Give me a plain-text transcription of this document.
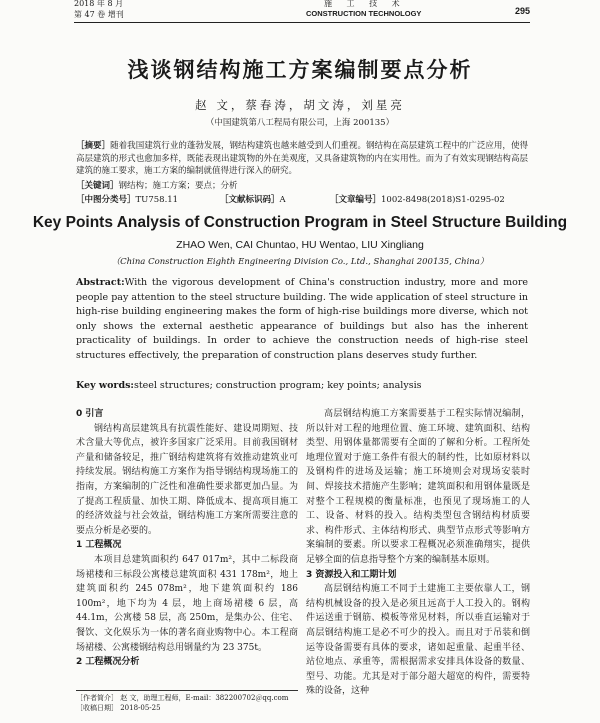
2018 年 8 月
第 47 卷 增刊
施 工 技 术
CONSTRUCTION TECHNOLOGY	295
浅谈钢结构施工方案编制要点分析
赵 文，蔡春涛，胡文涛，刘星亮
（中国建筑第八工程局有限公司，上海 200135）
［摘要］随着我国建筑行业的蓬勃发展，钢结构建筑也越来越受到人们重视。钢结构在高层建筑工程中的广泛应用，使得高层建筑的形式也愈加多样，既能表现出建筑物的外在美观度，又具备建筑物的内在实用性。而为了有效实现钢结构高层建筑的施工要求，施工方案的编制就值得进行深入的研究。
［关键词］钢结构；施工方案；要点；分析
［中图分类号］TU758.11	［文献标识码］A	［文章编号］1002-8498(2018)S1-0295-02
Key Points Analysis of Construction Program in Steel Structure Building
ZHAO Wen, CAI Chuntao, HU Wentao, LIU Xingliang
（China Construction Eighth Engineering Division Co., Ltd., Shanghai 200135, China）
Abstract:With the vigorous development of China's construction industry, more and more people pay attention to the steel structure building. The wide application of steel structure in high-rise building engineering makes the form of high-rise buildings more diverse, which not only shows the external aesthetic appearance of buildings but also has the inherent practicality of buildings. In order to achieve the construction needs of high-rise steel structures effectively, the preparation of construction plans deserves study further.
Key words:steel structures; construction program; key points; analysis

0 引言

钢结构高层建筑具有抗震性能好、建设周期短、技术含量大等优点，被许多国家广泛采用。目前我国钢材产量和储备较足，推广钢结构建筑将有效推动建筑业可持续发展。钢结构施工方案作为指导钢结构现场施工的指南，方案编制的广泛性和准确性要求都更加凸显。为了提高工程质量、加快工期、降低成本、提高项目施工的经济效益与社会效益，钢结构施工方案所需要注意的要点分析是必要的。

1 工程概况

本项目总建筑面积约 647 017m²，其中二标段商场裙楼和三标段公寓楼总建筑面积 431 178m²，地上建筑面积约 245 078m²，地下建筑面积约 186 100m²，地下均为 4 层，地上商场裙楼 6 层，高 44.1m，公寓楼 58 层，高 250m，是集办公、住宅、餐饮、文化娱乐为一体的著名商业购物中心。本工程商场裙楼、公寓楼钢结构总用钢量约为 23 375t。

2 工程概况分析

高层钢结构施工方案需要基于工程实际情况编制，所以针对工程的地理位置、施工环境、建筑面积、结构类型、用钢体量都需要有全面的了解和分析。工程所处地理位置对于施工条件有很大的制约性，比如原材料以及钢构件的进场及运输；施工环境则会对现场安装时间、焊接技术措施产生影响；建筑面积和用钢体量既是对整个工程规模的衡量标准，也预见了现场施工的人工、设备、材料的投入。结构类型包含钢结构材质要求、构件形式、主体结构形式、典型节点形式等影响方案编制的要素。所以要求工程概况必须准确翔实，提供足够全面的信息指导整个方案的编制基本原则。

3 资源投入和工期计划

高层钢结构施工不同于土建施工主要依靠人工，钢结构机械设备的投入是必须且远高于人工投入的。钢构件运送重于钢筋、模板等常见材料，所以垂直运输对于高层钢结构施工是必不可少的投入。而且对于吊装和倒运等设备需要有具体的要求，诸如起重量、起重半径、站位地点、承重等，需根据需求安排具体设备的数量、型号、功能。尤其是对于部分超大超宽的构件，需要特殊的设备，这种

［作者简介］ 赵 文，助理工程师，E-mail：382200702＠qq.com
［收稿日期］ 2018-05-25
